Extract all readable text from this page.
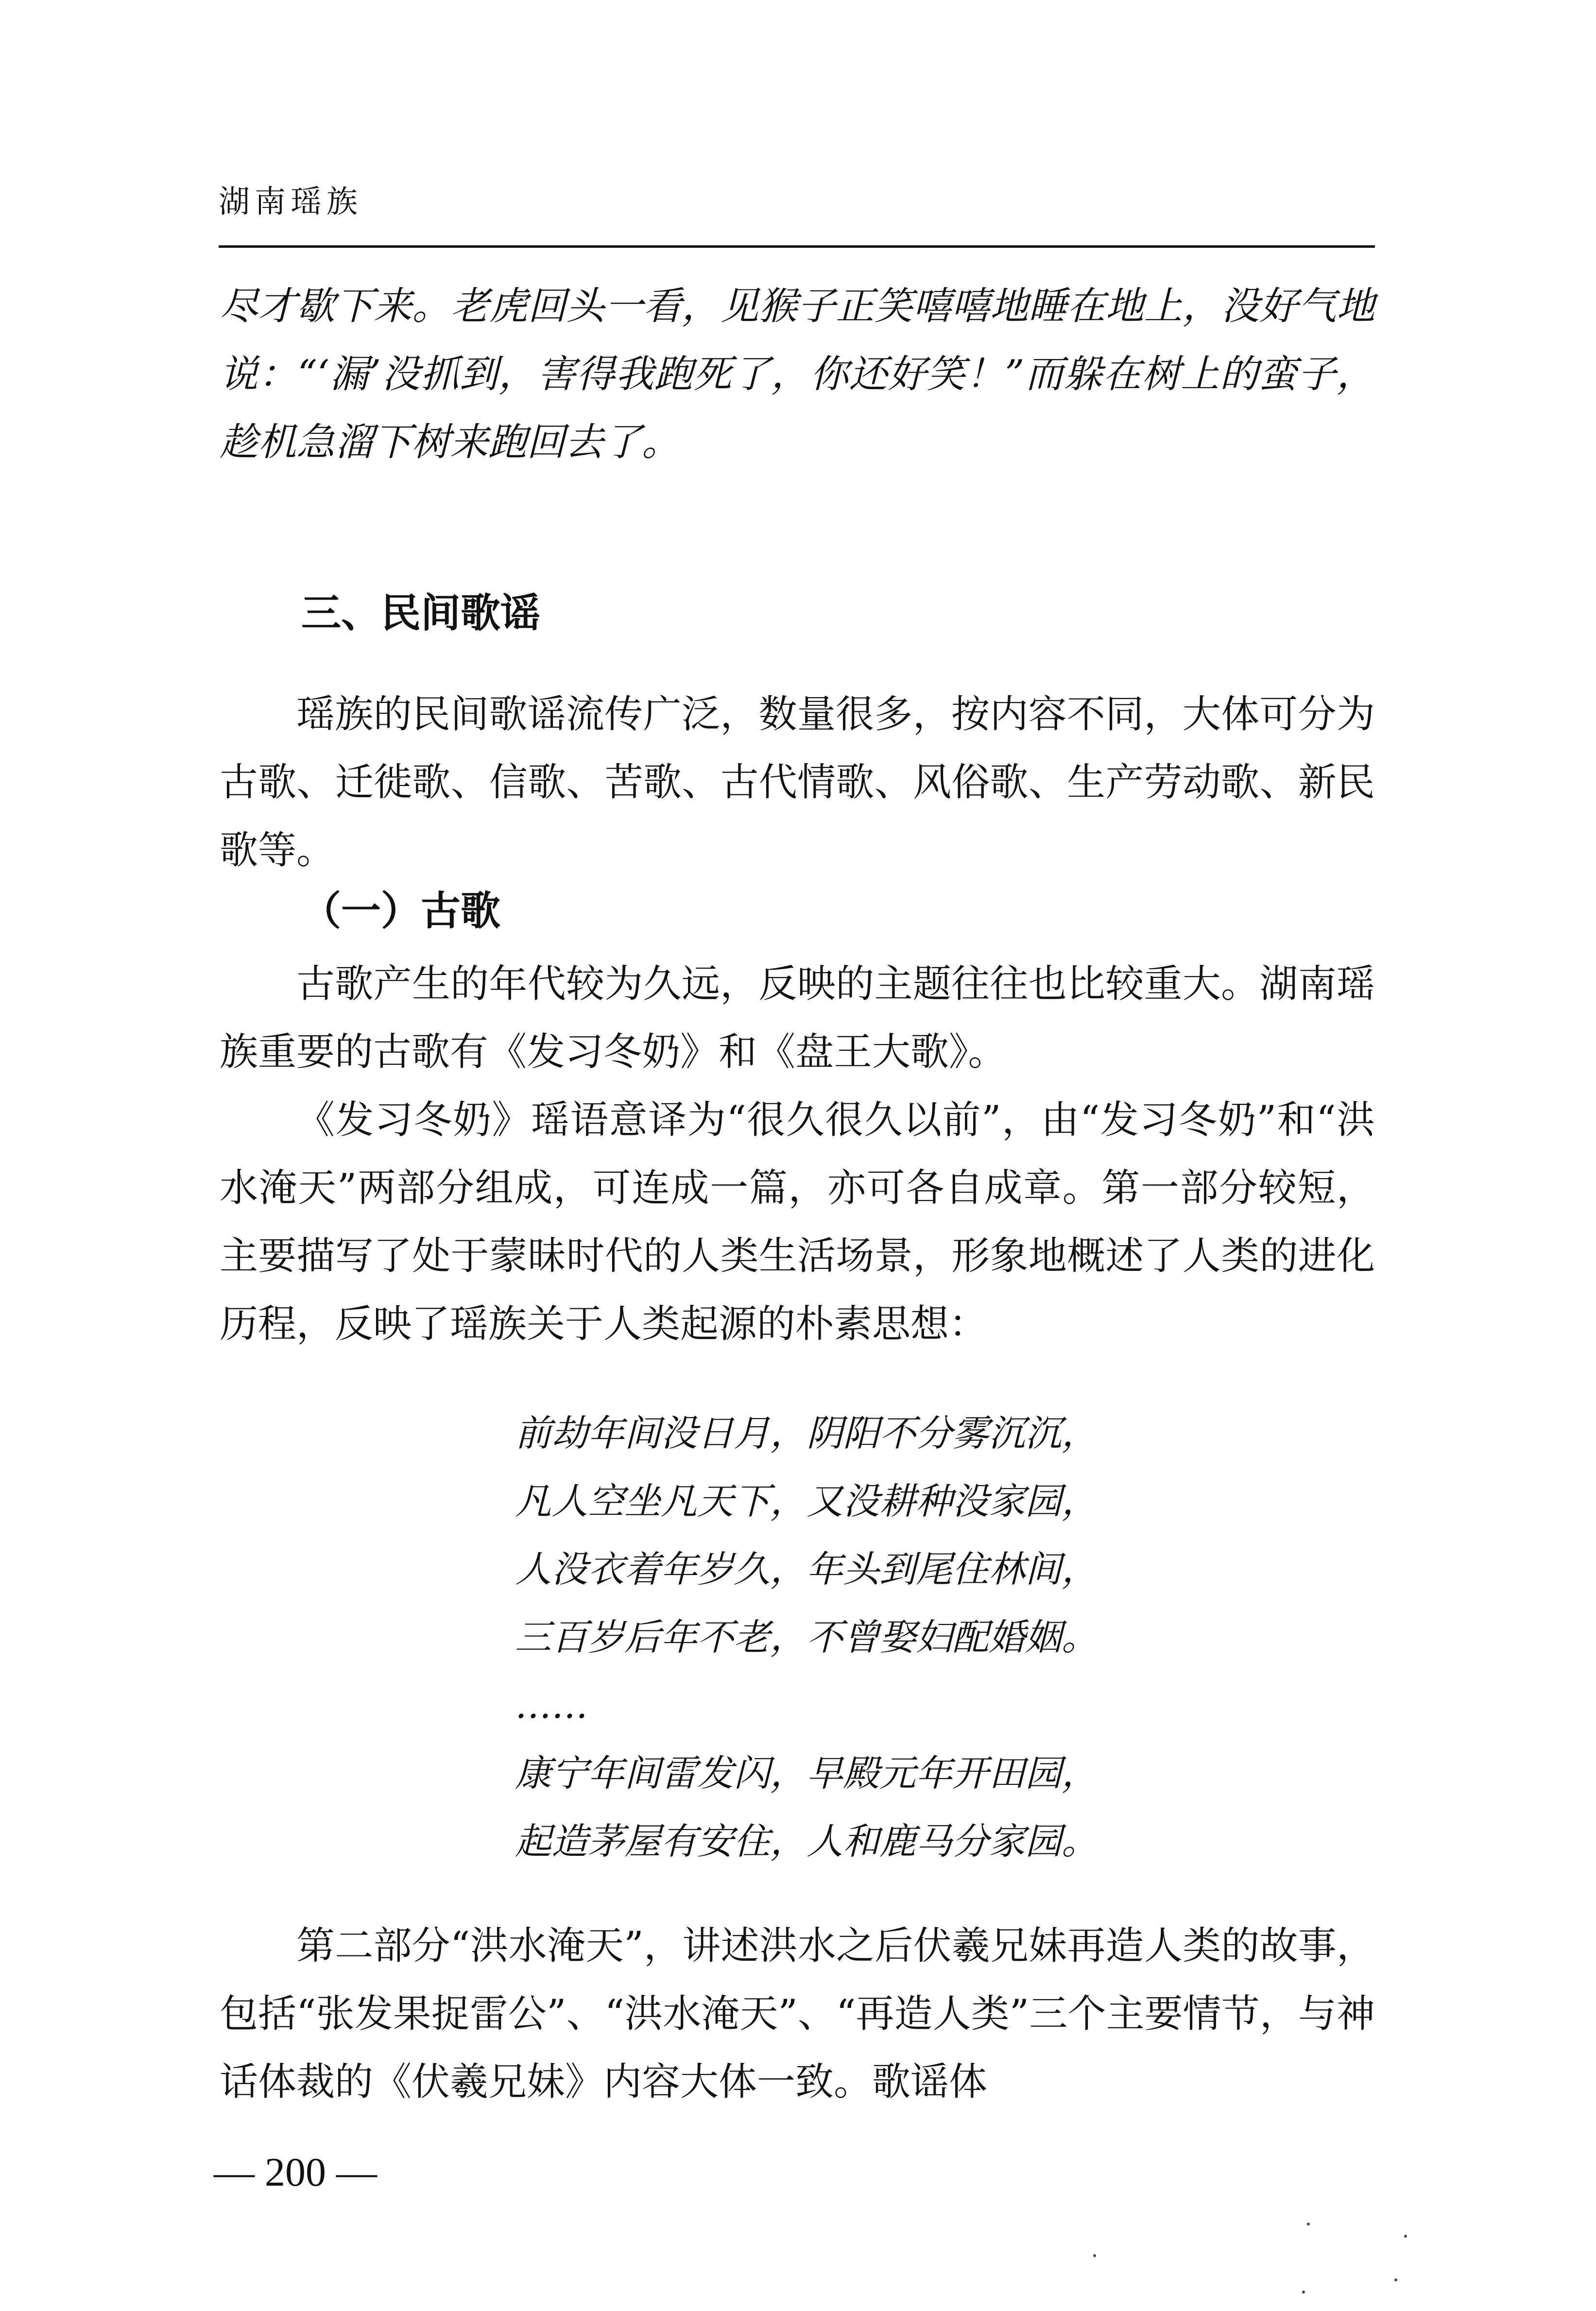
湖南瑶族
尽才歇下来。老虎回头一看，见猴子正笑嘻嘻地睡在地上，没好气地说：“‘漏’没抓到，害得我跑死了，你还好笑！”而躲在树上的蛮子，趁机急溜下树来跑回去了。
三、民间歌谣
瑶族的民间歌谣流传广泛，数量很多，按内容不同，大体可分为古歌、迁徙歌、信歌、苦歌、古代情歌、风俗歌、生产劳动歌、新民歌等。
（一）古歌
古歌产生的年代较为久远，反映的主题往往也比较重大。湖南瑶族重要的古歌有《发习冬奶》和《盘王大歌》。
《发习冬奶》瑶语意译为“很久很久以前”，由“发习冬奶”和“洪水淹天”两部分组成，可连成一篇，亦可各自成章。第一部分较短，主要描写了处于蒙昧时代的人类生活场景，形象地概述了人类的进化历程，反映了瑶族关于人类起源的朴素思想：
前劫年间没日月，阴阳不分雾沉沉，
凡人空坐凡天下，又没耕种没家园，
人没衣着年岁久，年头到尾住林间，
三百岁后年不老，不曾娶妇配婚姻。
……
康宁年间雷发闪，早殿元年开田园，
起造茅屋有安住，人和鹿马分家园。
第二部分“洪水淹天”，讲述洪水之后伏羲兄妹再造人类的故事，包括“张发果捉雷公”、“洪水淹天”、“再造人类”三个主要情节，与神话体裁的《伏羲兄妹》内容大体一致。歌谣体
— 200 —
